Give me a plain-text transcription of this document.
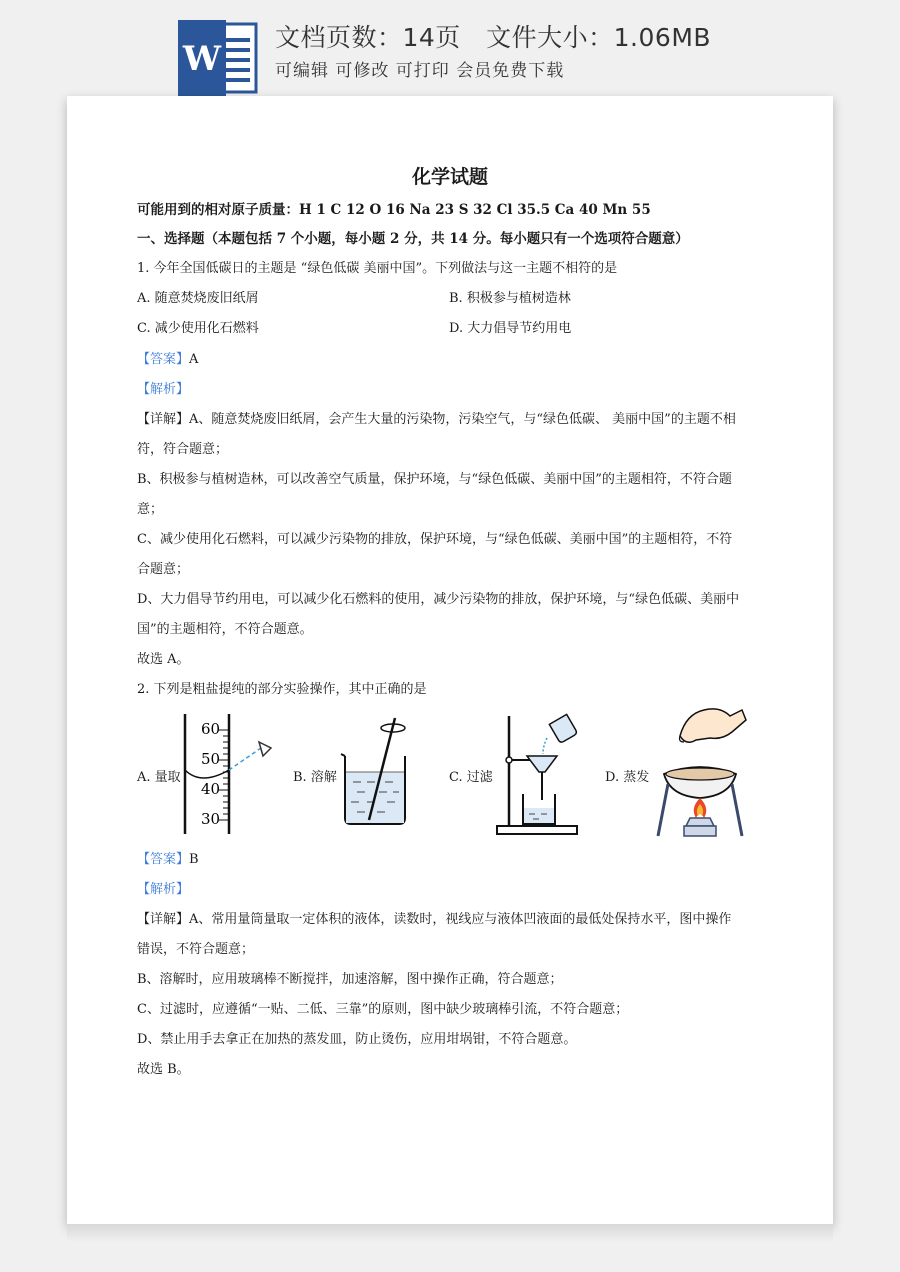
W
文档页数：14页   文件大小：1.06MB
可编辑 可修改 可打印 会员免费下载
化学试题
可能用到的相对原子质量：H 1 C 12 O 16 Na 23 S 32 Cl 35.5 Ca 40 Mn 55
一、选择题（本题包括 7 个小题，每小题 2 分，共 14 分。每小题只有一个选项符合题意）
1. 今年全国低碳日的主题是 “绿色低碳 美丽中国”。下列做法与这一主题不相符的是
A. 随意焚烧废旧纸屑	B. 积极参与植树造林
C. 减少使用化石燃料	D. 大力倡导节约用电
【答案】A
【解析】
【详解】A、随意焚烧废旧纸屑，会产生大量的污染物，污染空气，与“绿色低碳、 美丽中国”的主题不相
符，符合题意；
B、积极参与植树造林，可以改善空气质量，保护环境，与“绿色低碳、美丽中国”的主题相符，不符合题
意；
C、减少使用化石燃料，可以减少污染物的排放，保护环境，与“绿色低碳、美丽中国”的主题相符，不符
合题意；
D、大力倡导节约用电，可以减少化石燃料的使用，减少污染物的排放，保护环境，与“绿色低碳、美丽中
国”的主题相符，不符合题意。
故选 A。
2. 下列是粗盐提纯的部分实验操作，其中正确的是
A. 量取	B. 溶解	C. 过滤	D. 蒸发
60
50
40
30
【答案】B
【解析】
【详解】A、常用量筒量取一定体积的液体，读数时，视线应与液体凹液面的最低处保持水平，图中操作
错误，不符合题意；
B、溶解时，应用玻璃棒不断搅拌，加速溶解，图中操作正确，符合题意；
C、过滤时，应遵循“一贴、二低、三靠”的原则，图中缺少玻璃棒引流，不符合题意；
D、禁止用手去拿正在加热的蒸发皿，防止烫伤，应用坩埚钳，不符合题意。
故选 B。
